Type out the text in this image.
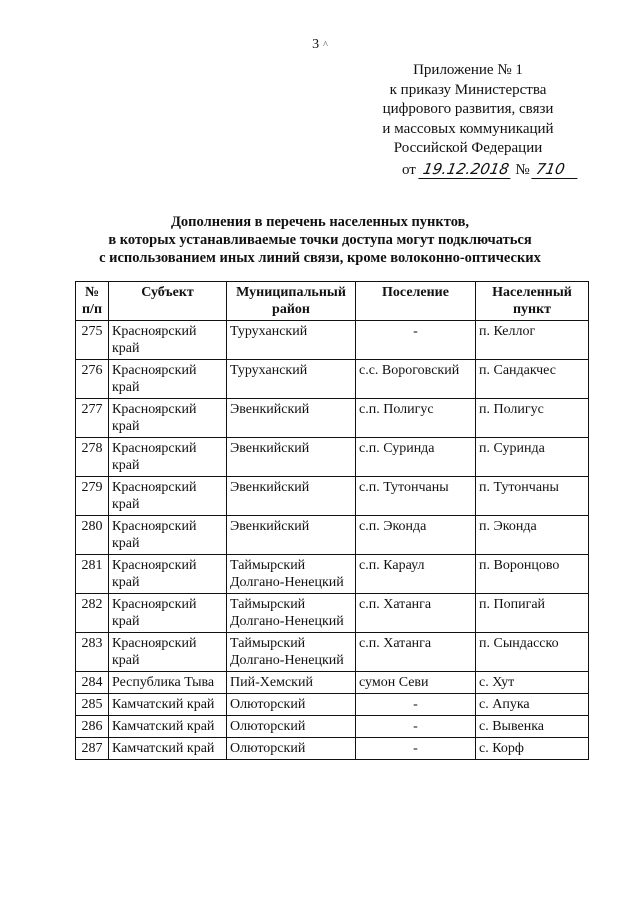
3 ^
Приложение № 1
к приказу Министерства
цифрового развития, связи
и массовых коммуникаций
Российской Федерации
от 19.12.2018 № 710
Дополнения в перечень населенных пунктов,
в которых устанавливаемые точки доступа могут подключаться
с использованием иных линий связи, кроме волоконно-оптических
№ п/п	Субъект	Муниципальный район	Поселение	Населенный пункт
275	Красноярский край	Туруханский	-	п. Келлог
276	Красноярский край	Туруханский	с.с. Вороговский	п. Сандакчес
277	Красноярский край	Эвенкийский	с.п. Полигус	п. Полигус
278	Красноярский край	Эвенкийский	с.п. Суринда	п. Суринда
279	Красноярский край	Эвенкийский	с.п. Тутончаны	п. Тутончаны
280	Красноярский край	Эвенкийский	с.п. Эконда	п. Эконда
281	Красноярский край	Таймырский Долгано-Ненецкий	с.п. Караул	п. Воронцово
282	Красноярский край	Таймырский Долгано-Ненецкий	с.п. Хатанга	п. Попигай
283	Красноярский край	Таймырский Долгано-Ненецкий	с.п. Хатанга	п. Сындасско
284	Республика Тыва	Пий-Хемский	сумон Севи	с. Хут
285	Камчатский край	Олюторский	-	с. Апука
286	Камчатский край	Олюторский	-	с. Вывенка
287	Камчатский край	Олюторский	-	с. Корф
